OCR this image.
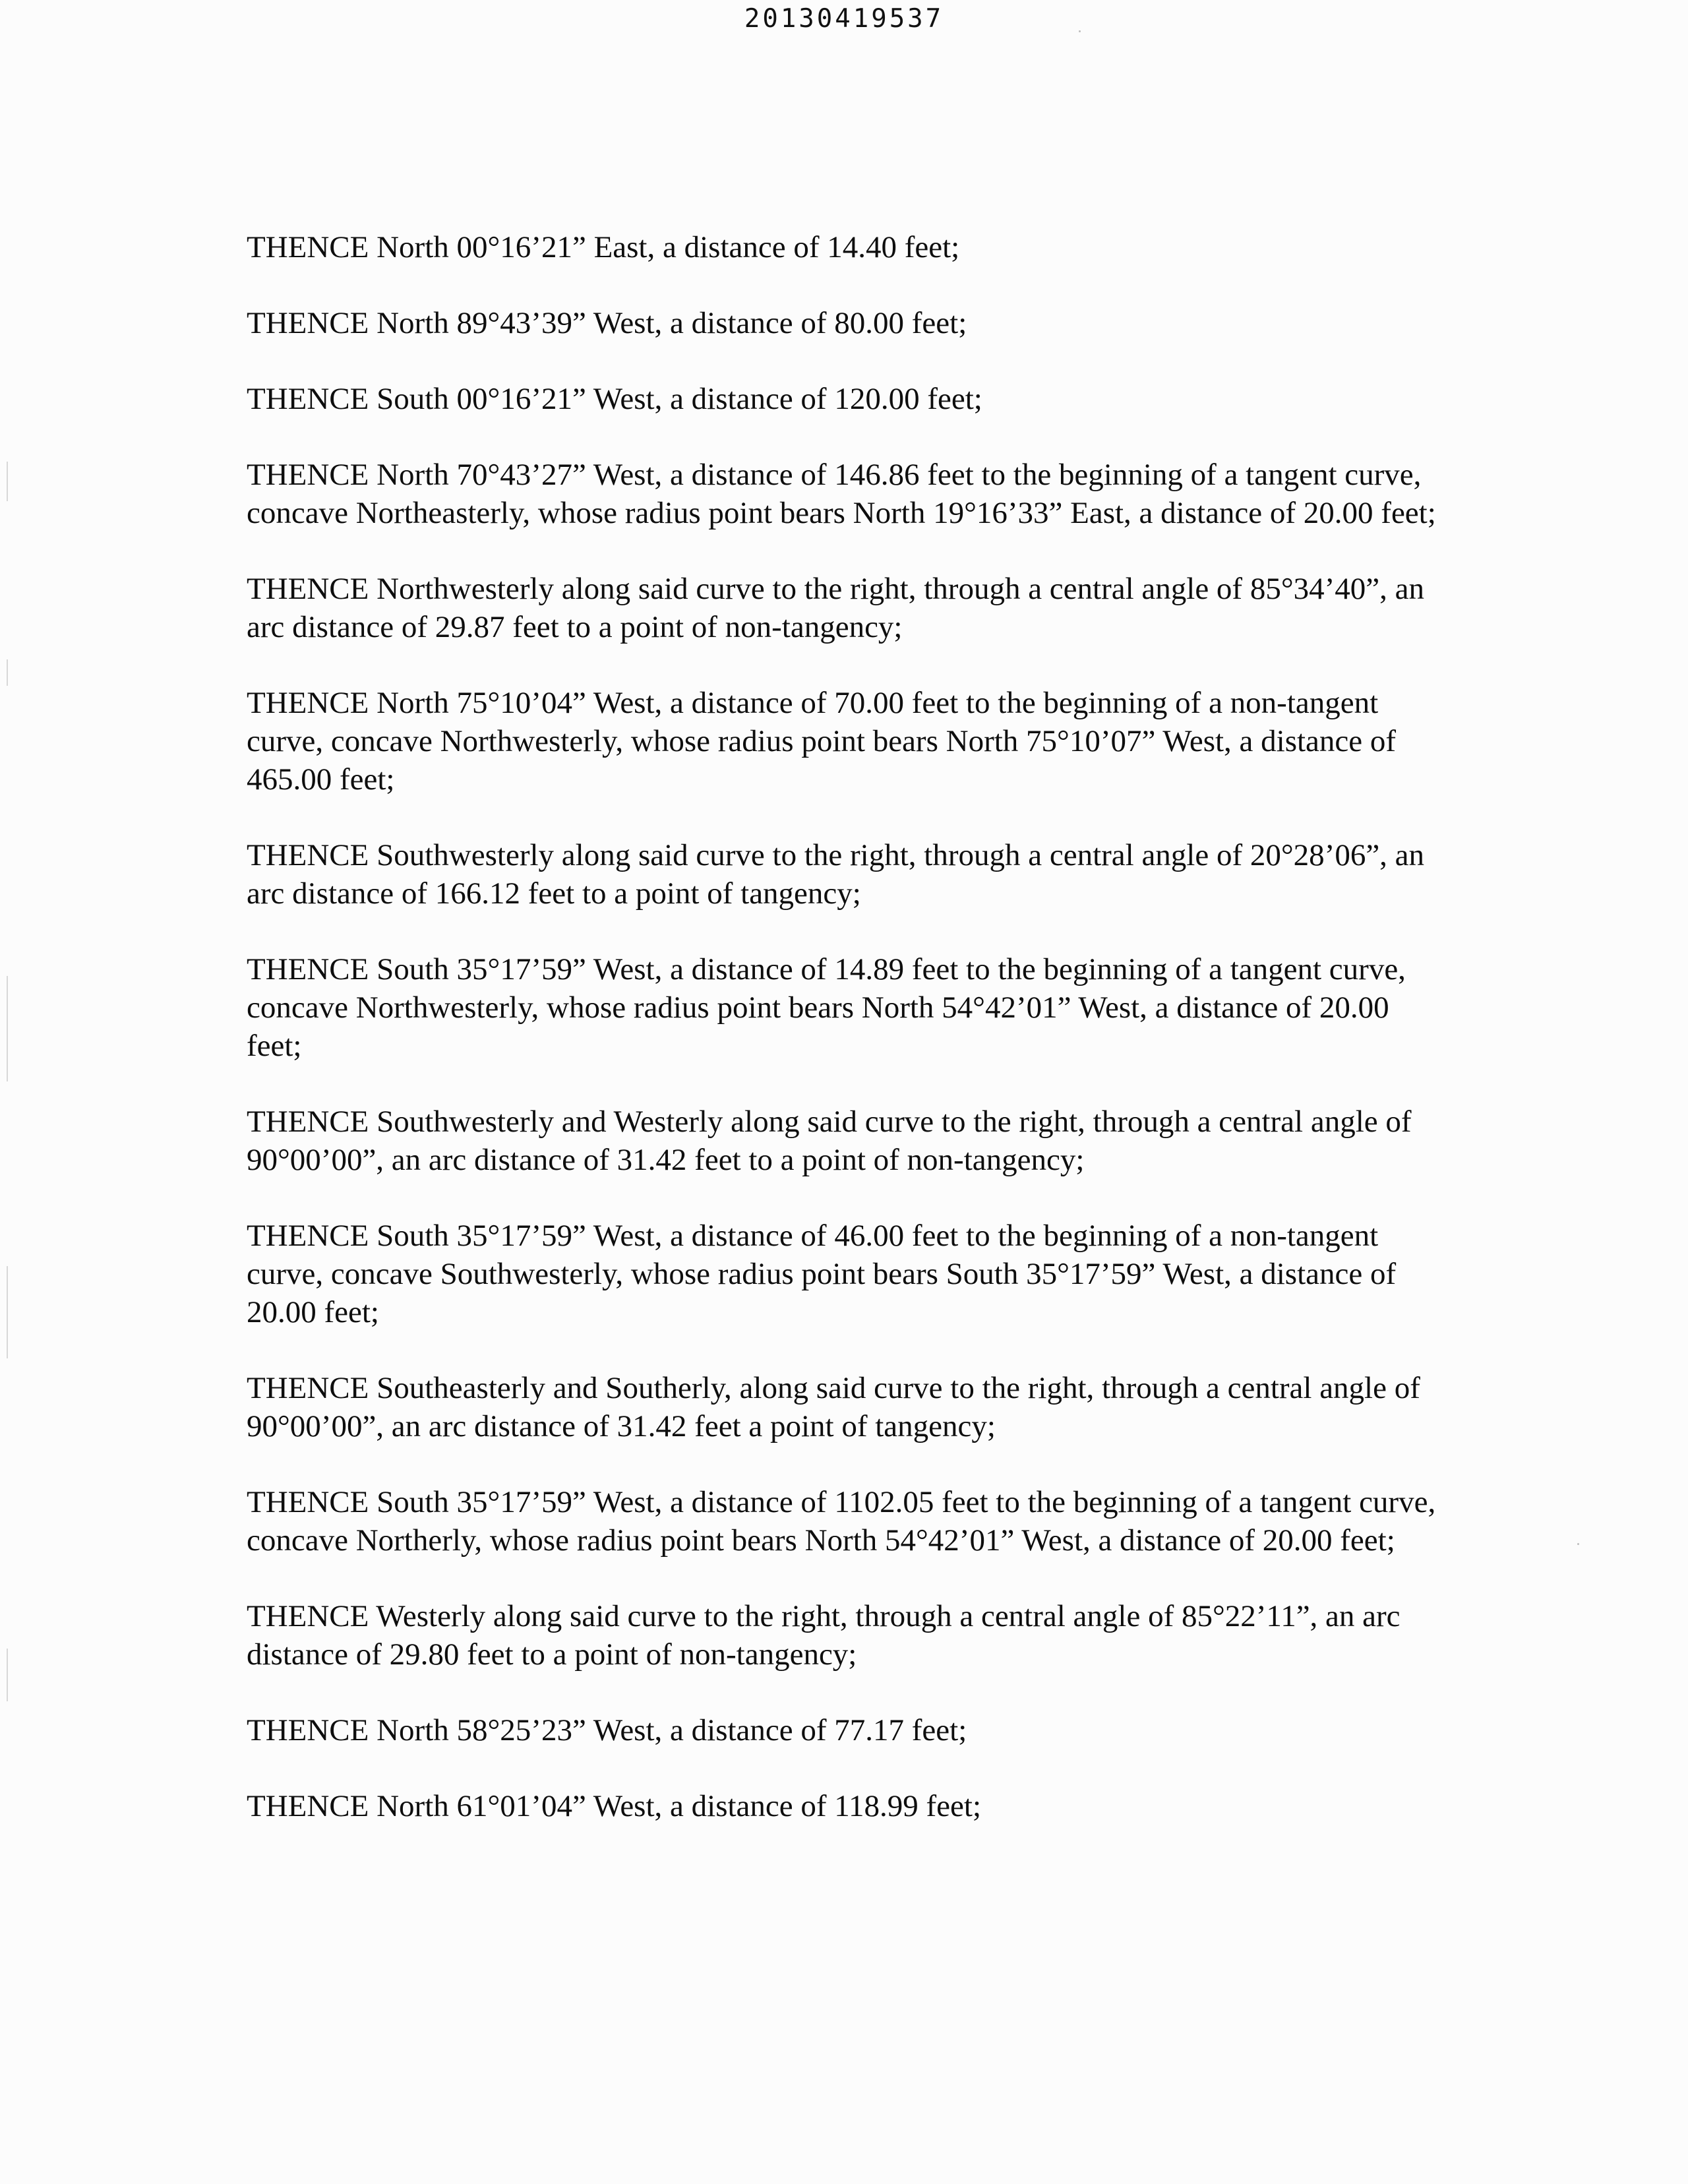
20130419537

THENCE North 00°16’21” East, a distance of 14.40 feet;

THENCE North 89°43’39” West, a distance of 80.00 feet;

THENCE South 00°16’21” West, a distance of 120.00 feet;

THENCE North 70°43’27” West, a distance of 146.86 feet to the beginning of a tangent curve, concave Northeasterly, whose radius point bears North 19°16’33” East, a distance of 20.00 feet;

THENCE Northwesterly along said curve to the right, through a central angle of 85°34’40”, an arc distance of 29.87 feet to a point of non-tangency;

THENCE North 75°10’04” West, a distance of 70.00 feet to the beginning of a non-tangent curve, concave Northwesterly, whose radius point bears North 75°10’07” West, a distance of 465.00 feet;

THENCE Southwesterly along said curve to the right, through a central angle of 20°28’06”, an arc distance of 166.12 feet to a point of tangency;

THENCE South 35°17’59” West, a distance of 14.89 feet to the beginning of a tangent curve, concave Northwesterly, whose radius point bears North 54°42’01” West, a distance of 20.00 feet;

THENCE Southwesterly and Westerly along said curve to the right, through a central angle of 90°00’00”, an arc distance of 31.42 feet to a point of non-tangency;

THENCE South 35°17’59” West, a distance of 46.00 feet to the beginning of a non-tangent curve, concave Southwesterly, whose radius point bears South 35°17’59” West, a distance of 20.00 feet;

THENCE Southeasterly and Southerly, along said curve to the right, through a central angle of 90°00’00”, an arc distance of 31.42 feet a point of tangency;

THENCE South 35°17’59” West, a distance of 1102.05 feet to the beginning of a tangent curve, concave Northerly, whose radius point bears North 54°42’01” West, a distance of 20.00 feet;

THENCE Westerly along said curve to the right, through a central angle of 85°22’11”, an arc distance of 29.80 feet to a point of non-tangency;

THENCE North 58°25’23” West, a distance of 77.17 feet;

THENCE North 61°01’04” West, a distance of 118.99 feet;
